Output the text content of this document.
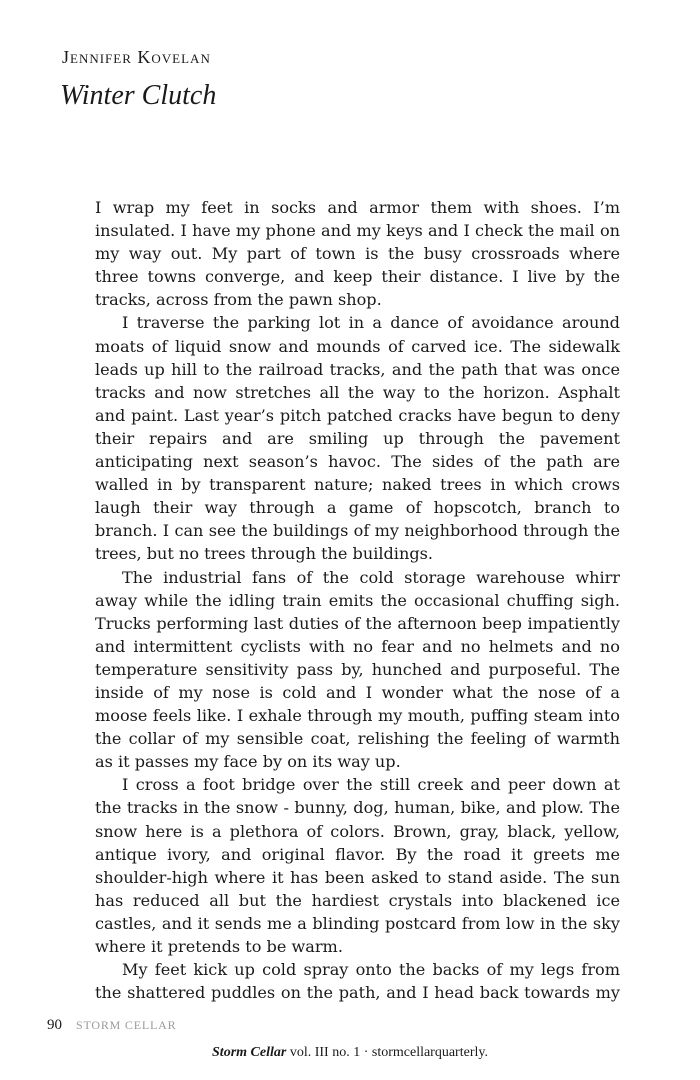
Jennifer Kovelan
Winter Clutch

I wrap my feet in socks and armor them with shoes. I’m insulated. I have my phone and my keys and I check the mail on my way out. My part of town is the busy crossroads where three towns converge, and keep their distance. I live by the tracks, across from the pawn shop.

I traverse the parking lot in a dance of avoidance around moats of liquid snow and mounds of carved ice. The sidewalk leads up hill to the railroad tracks, and the path that was once tracks and now stretches all the way to the horizon. Asphalt and paint. Last year’s pitch patched cracks have begun to deny their repairs and are smiling up through the pavement anticipating next season’s havoc. The sides of the path are walled in by transparent nature; naked trees in which crows laugh their way through a game of hopscotch, branch to branch. I can see the buildings of my neighborhood through the trees, but no trees through the buildings.

The industrial fans of the cold storage warehouse whirr away while the idling train emits the occasional chuffing sigh. Trucks performing last duties of the afternoon beep impatiently and intermittent cyclists with no fear and no helmets and no temperature sensitivity pass by, hunched and purposeful. The inside of my nose is cold and I wonder what the nose of a moose feels like. I exhale through my mouth, puffing steam into the collar of my sensible coat, relishing the feeling of warmth as it passes my face by on its way up.

I cross a foot bridge over the still creek and peer down at the tracks in the snow - bunny, dog, human, bike, and plow. The snow here is a plethora of colors. Brown, gray, black, yellow, antique ivory, and original flavor. By the road it greets me shoulder-high where it has been asked to stand aside. The sun has reduced all but the hardiest crystals into blackened ice castles, and it sends me a blinding postcard from low in the sky where it pretends to be warm.

My feet kick up cold spray onto the backs of my legs from the shattered puddles on the path, and I head back towards my

90 STORM CELLAR
Storm Cellar vol. III no. 1 · stormcellarquarterly.
